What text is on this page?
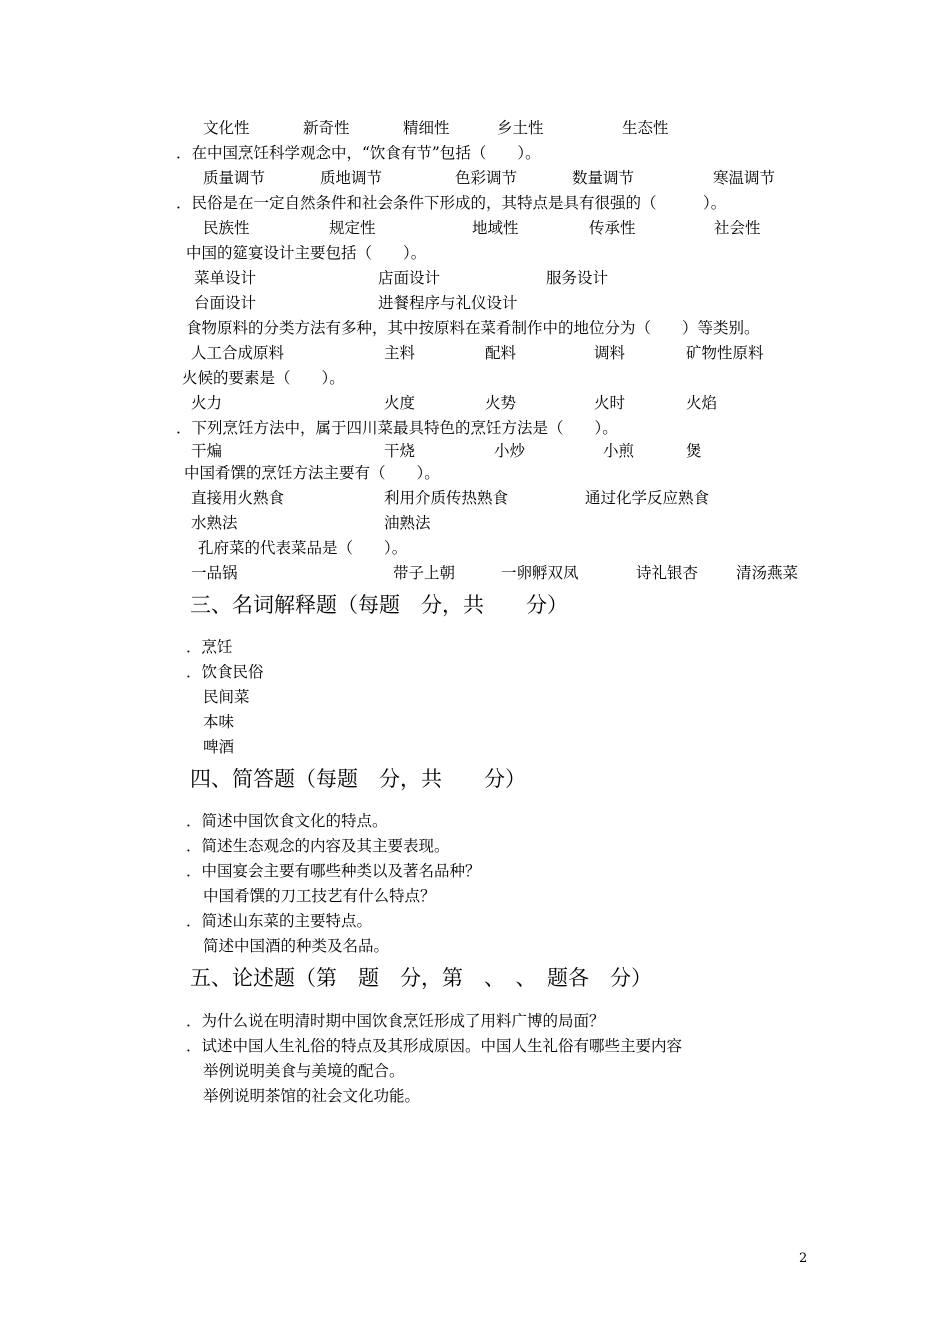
文化性	新奇性	精细性	乡土性	生态性
．在中国烹饪科学观念中，“饮食有节”包括（　　）。
质量调节	质地调节	色彩调节	数量调节	寒温调节
．民俗是在一定自然条件和社会条件下形成的，其特点是具有很强的（　　　）。
民族性	规定性	地域性	传承性	社会性
中国的筵宴设计主要包括（　　）。
菜单设计	店面设计	服务设计
台面设计	进餐程序与礼仪设计
食物原料的分类方法有多种，其中按原料在菜肴制作中的地位分为（　　）等类别。
人工合成原料	主料	配料	调料	矿物性原料
火候的要素是（　　）。
火力	火度	火势	火时	火焰
．下列烹饪方法中，属于四川菜最具特色的烹饪方法是（　　）。
干煸	干烧	小炒	小煎	煲
中国肴馔的烹饪方法主要有（　　）。
直接用火熟食	利用介质传热熟食	通过化学反应熟食
水熟法	油熟法
孔府菜的代表菜品是（　　）。
一品锅	带子上朝	一卵孵双凤	诗礼银杏 清汤燕菜
三、名词解释题（每题　分，共　　分）
．烹饪
．饮食民俗
民间菜
本味
啤酒
四、简答题（每题　分，共　　分）
．简述中国饮食文化的特点。
．简述生态观念的内容及其主要表现。
．中国宴会主要有哪些种类以及著名品种？
中国肴馔的刀工技艺有什么特点？
．简述山东菜的主要特点。
简述中国酒的种类及名品。
五、论述题（第　题　分，第　、　、　题各　分）
．为什么说在明清时期中国饮食烹饪形成了用料广博的局面？
．试述中国人生礼俗的特点及其形成原因。中国人生礼俗有哪些主要内容
举例说明美食与美境的配合。
举例说明茶馆的社会文化功能。
2
